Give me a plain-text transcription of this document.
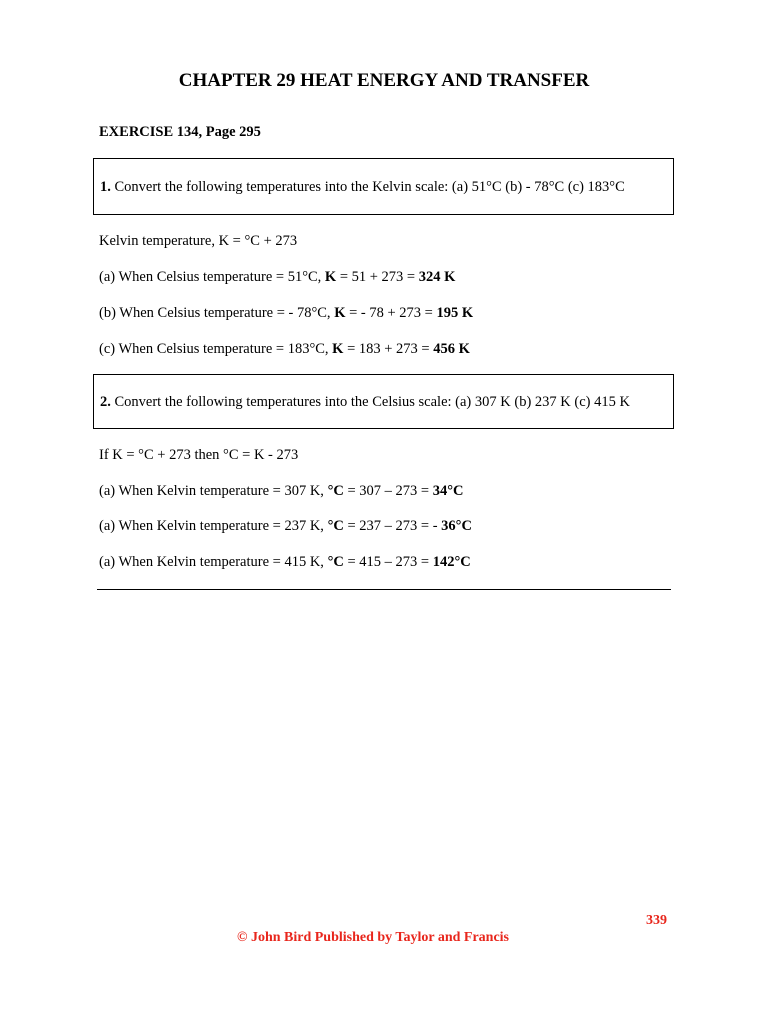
CHAPTER 29 HEAT ENERGY AND TRANSFER
EXERCISE 134, Page 295
1. Convert the following temperatures into the Kelvin scale: (a) 51°C (b) - 78°C (c) 183°C
Kelvin temperature, K = °C + 273
(a) When Celsius temperature = 51°C, K = 51 + 273 = 324 K
(b) When Celsius temperature = - 78°C, K = - 78 + 273 = 195 K
(c) When Celsius temperature = 183°C, K = 183 + 273 = 456 K
2. Convert the following temperatures into the Celsius scale: (a) 307 K (b) 237 K (c) 415 K
If K = °C + 273 then °C = K - 273
(a) When Kelvin temperature = 307 K, °C = 307 – 273 = 34°C
(a) When Kelvin temperature = 237 K, °C = 237 – 273 = - 36°C
(a) When Kelvin temperature = 415 K, °C = 415 – 273 = 142°C
339
© John Bird Published by Taylor and Francis
